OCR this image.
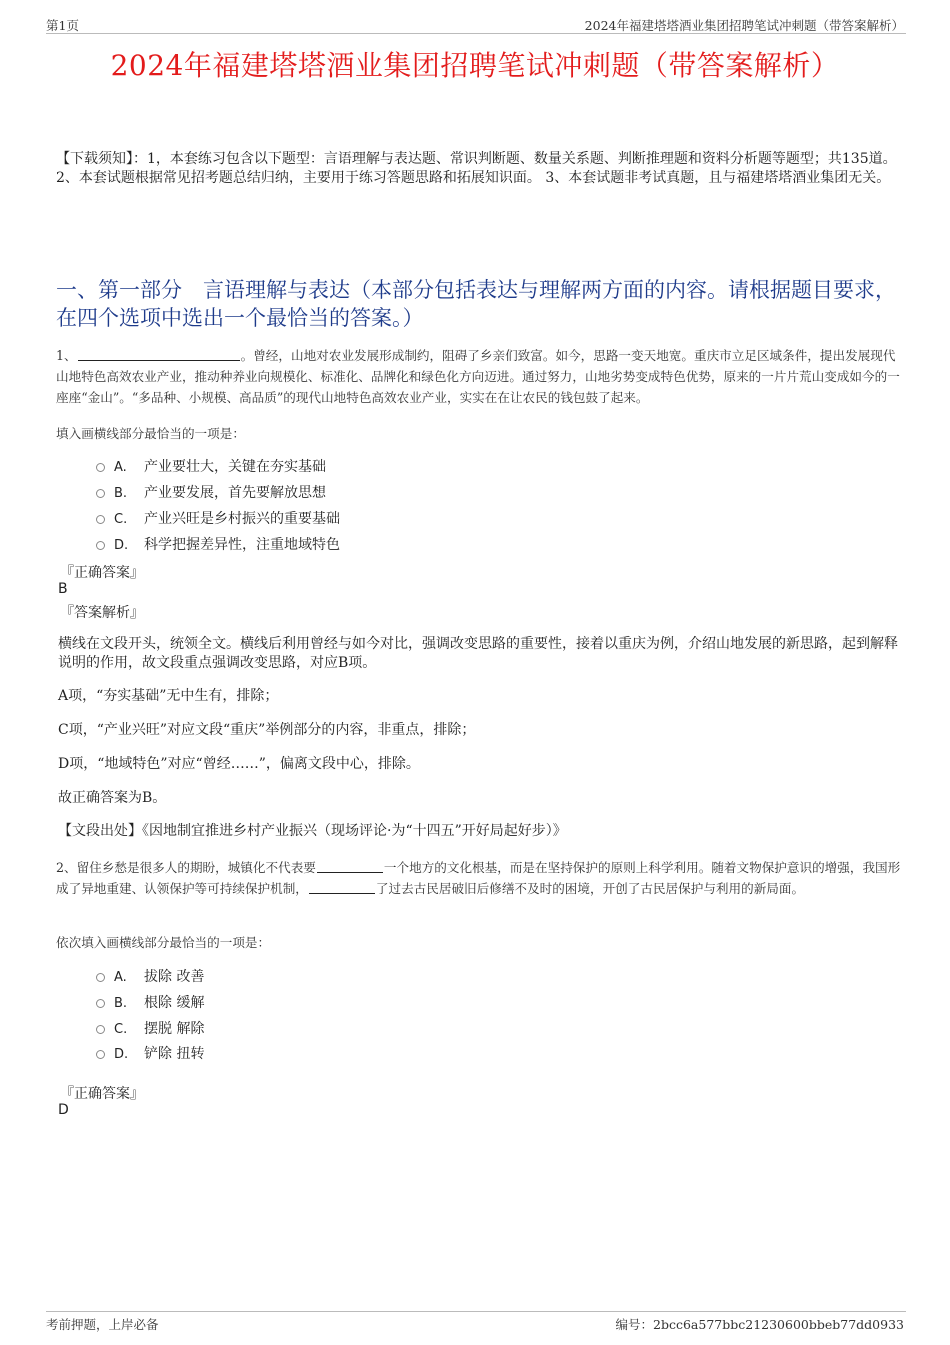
第1页	2024年福建塔塔酒业集团招聘笔试冲刺题（带答案解析）
2024年福建塔塔酒业集团招聘笔试冲刺题（带答案解析）
【下载须知】：1，本套练习包含以下题型：言语理解与表达题、常识判断题、数量关系题、判断推理题和资料分析题等题型；共135道。 2、本套试题根据常见招考题总结归纳，主要用于练习答题思路和拓展知识面。 3、本套试题非考试真题，且与福建塔塔酒业集团无关。
一、第一部分　言语理解与表达（本部分包括表达与理解两方面的内容。请根据题目要求，在四个选项中选出一个最恰当的答案。）
1、	。曾经，山地对农业发展形成制约，阻碍了乡亲们致富。如今，思路一变天地宽。重庆市立足区域条件，提出发展现代山地特色高效农业产业，推动种养业向规模化、标准化、品牌化和绿色化方向迈进。通过努力，山地劣势变成特色优势，原来的一片片荒山变成如今的一座座“金山”。“多品种、小规模、高品质”的现代山地特色高效农业产业，实实在在让农民的钱包鼓了起来。
填入画横线部分最恰当的一项是：
A. 产业要壮大，关键在夯实基础
B. 产业要发展，首先要解放思想
C. 产业兴旺是乡村振兴的重要基础
D. 科学把握差异性，注重地域特色
『正确答案』
B
『答案解析』
横线在文段开头，统领全文。横线后利用曾经与如今对比，强调改变思路的重要性，接着以重庆为例，介绍山地发展的新思路，起到解释说明的作用，故文段重点强调改变思路，对应B项。
A项，“夯实基础”无中生有，排除；
C项，“产业兴旺”对应文段“重庆”举例部分的内容，非重点，排除；
D项，“地域特色”对应“曾经……”，偏离文段中心，排除。
故正确答案为B。
【文段出处】《因地制宜推进乡村产业振兴（现场评论·为“十四五”开好局起好步）》
2、留住乡愁是很多人的期盼，城镇化不代表要	一个地方的文化根基，而是在坚持保护的原则上科学利用。随着文物保护意识的增强，我国形成了异地重建、认领保护等可持续保护机制，	了过去古民居破旧后修缮不及时的困境，开创了古民居保护与利用的新局面。
依次填入画横线部分最恰当的一项是：
A. 拔除 改善
B. 根除 缓解
C. 摆脱 解除
D. 铲除 扭转
『正确答案』
D
考前押题，上岸必备	编号：2bcc6a577bbc21230600bbeb77dd0933
